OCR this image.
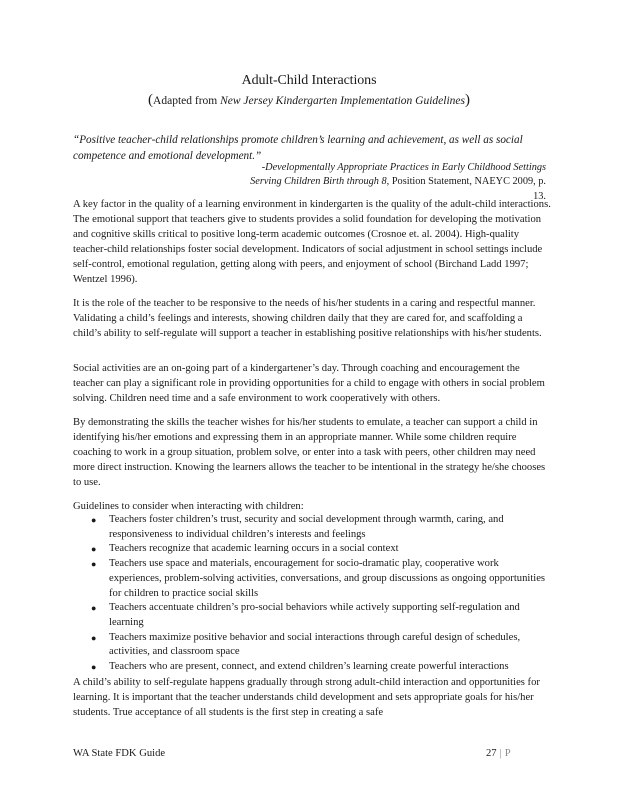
Adult‐Child Interactions
(Adapted from New Jersey Kindergarten Implementation Guidelines)
“Positive teacher‐child relationships promote children’s learning and achievement, as well as social competence and emotional development.”
‐Developmentally Appropriate Practices in Early Childhood Settings
Serving Children Birth through 8, Position Statement, NAEYC 2009, p. 13.

A key factor in the quality of a learning environment in kindergarten is the quality of the adult‐child interactions. The emotional support that teachers give to students provides a solid foundation for developing the motivation and cognitive skills critical to positive long‐term academic outcomes (Crosnoe et. al. 2004). High‐quality teacher‐child relationships foster social development. Indicators of social adjustment in school settings include self‐control, emotional regulation, getting along with peers, and enjoyment of school (Birchand Ladd 1997; Wentzel 1996).

It is the role of the teacher to be responsive to the needs of his/her students in a caring and respectful manner. Validating a child’s feelings and interests, showing children daily that they are cared for, and scaffolding a child’s ability to self‐regulate will support a teacher in establishing positive relationships with his/her students.

Social activities are an on‐going part of a kindergartener’s day. Through coaching and encouragement the teacher can play a significant role in providing opportunities for a child to engage with others in social problem solving. Children need time and a safe environment to work cooperatively with others.

By demonstrating the skills the teacher wishes for his/her students to emulate, a teacher can support a child in identifying his/her emotions and expressing them in an appropriate manner. While some children require coaching to work in a group situation, problem solve, or enter into a task with peers, other children may need more direct instruction. Knowing the learners allows the teacher to be intentional in the strategy he/she chooses to use.

Guidelines to consider when interacting with children:

● Teachers foster children’s trust, security and social development through warmth, caring, and responsiveness to individual children’s interests and feelings
● Teachers recognize that academic learning occurs in a social context
● Teachers use space and materials, encouragement for socio‐dramatic play, cooperative work experiences, problem‐solving activities, conversations, and group discussions as ongoing opportunities for children to practice social skills
● Teachers accentuate children’s pro‐social behaviors while actively supporting self‐regulation and learning
● Teachers maximize positive behavior and social interactions through careful design of schedules, activities, and classroom space
● Teachers who are present, connect, and extend children’s learning create powerful interactions

A child’s ability to self‐regulate happens gradually through strong adult‐child interaction and opportunities for learning. It is important that the teacher understands child development and sets appropriate goals for his/her students. True acceptance of all students is the first step in creating a safe

WA State FDK Guide	27 | P
